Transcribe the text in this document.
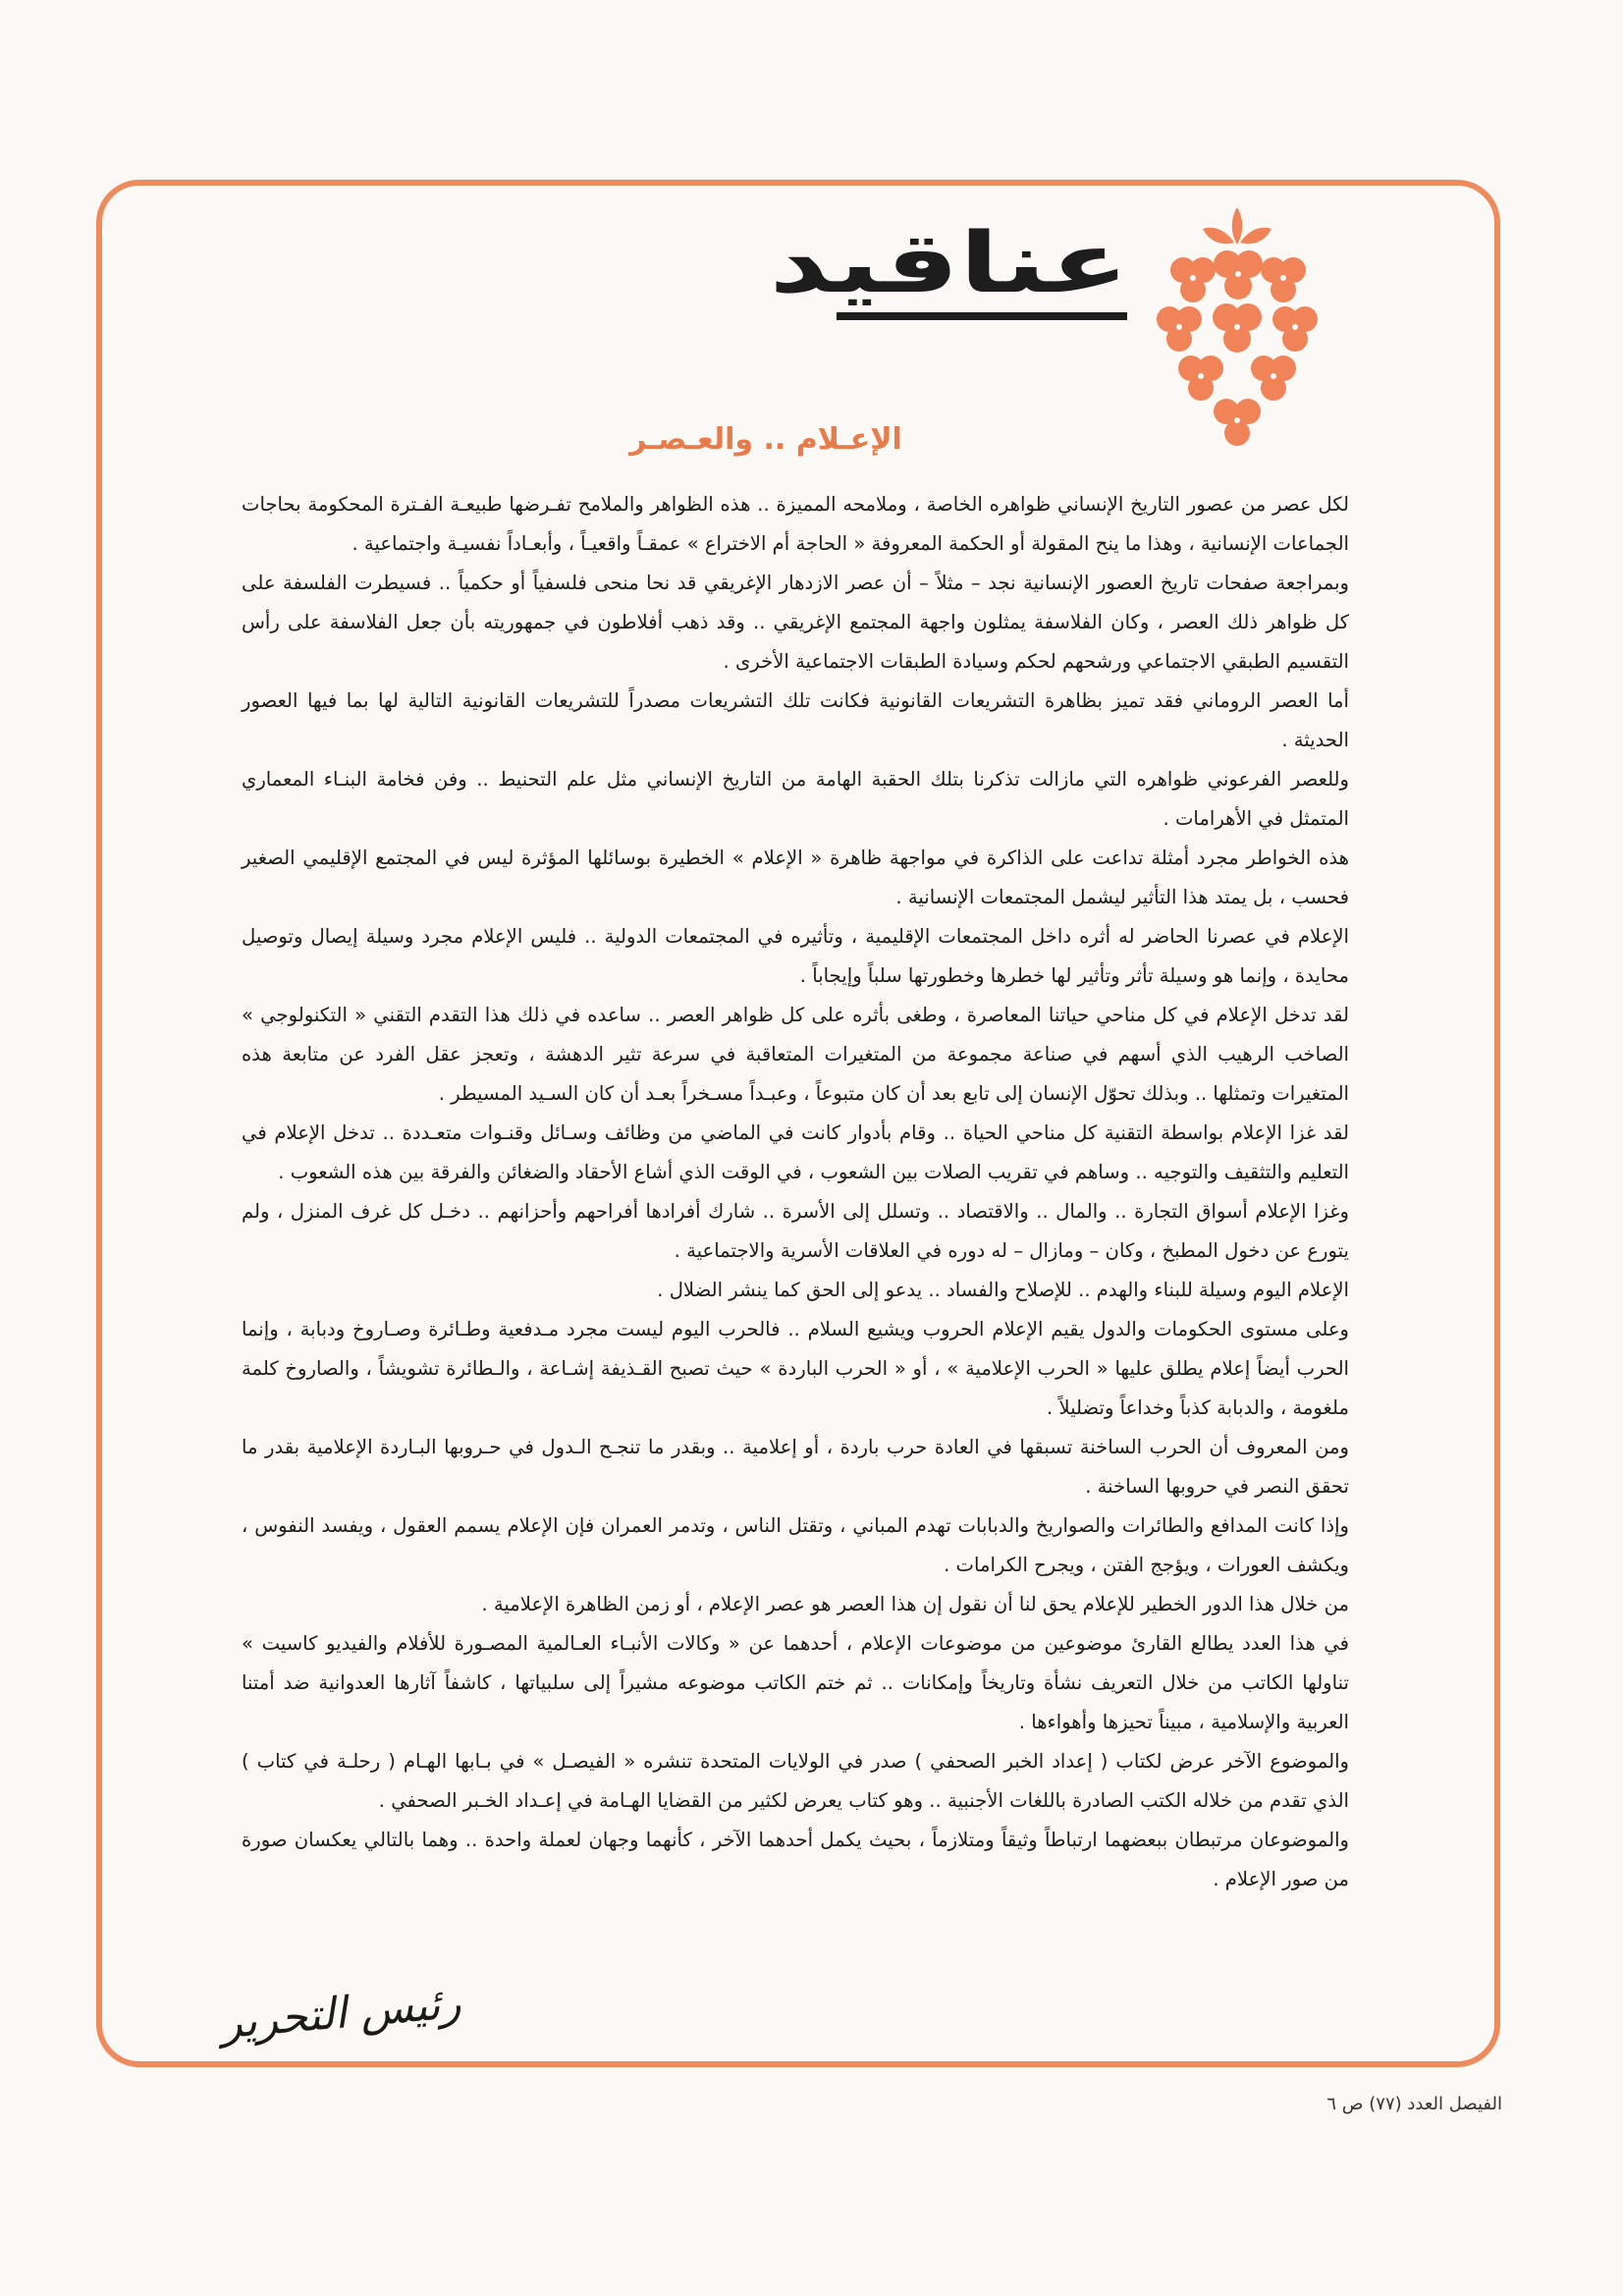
عناقيد
الإعـلام .. والعـصـر

لكل عصر من عصور التاريخ الإنساني ظواهره الخاصة ، وملامحه المميزة .. هذه الظواهر والملامح تفـرضها طبيعـة الفـترة المحكومة بحاجات الجماعات الإنسانية ، وهذا ما ينح المقولة أو الحكمة المعروفة « الحاجة أم الاختراع » عمقـاً واقعيـاً ، وأبعـاداً نفسيـة واجتماعية .

وبمراجعة صفحات تاريخ العصور الإنسانية نجد – مثلاً – أن عصر الازدهار الإغريقي قد نحا منحى فلسفياً أو حكمياً .. فسيطرت الفلسفة على كل ظواهر ذلك العصر ، وكان الفلاسفة يمثلون واجهة المجتمع الإغريقي .. وقد ذهب أفلاطون في جمهوريته بأن جعل الفلاسفة على رأس التقسيم الطبقي الاجتماعي ورشحهم لحكم وسيادة الطبقات الاجتماعية الأخرى .

أما العصر الروماني فقد تميز بظاهرة التشريعات القانونية فكانت تلك التشريعات مصدراً للتشريعات القانونية التالية لها بما فيها العصور الحديثة .

وللعصر الفرعوني ظواهره التي مازالت تذكرنا بتلك الحقبة الهامة من التاريخ الإنساني مثل علم التحنيط .. وفن فخامة البنـاء المعماري المتمثل في الأهرامات .

هذه الخواطر مجرد أمثلة تداعت على الذاكرة في مواجهة ظاهرة « الإعلام » الخطيرة بوسائلها المؤثرة ليس في المجتمع الإقليمي الصغير فحسب ، بل يمتد هذا التأثير ليشمل المجتمعات الإنسانية .

الإعلام في عصرنا الحاضر له أثره داخل المجتمعات الإقليمية ، وتأثيره في المجتمعات الدولية .. فليس الإعلام مجرد وسيلة إيصال وتوصيل محايدة ، وإنما هو وسيلة تأثر وتأثير لها خطرها وخطورتها سلباً وإيجاباً .

لقد تدخل الإعلام في كل مناحي حياتنا المعاصرة ، وطغى بأثره على كل ظواهر العصر .. ساعده في ذلك هذا التقدم التقني « التكنولوجي » الصاخب الرهيب الذي أسهم في صناعة مجموعة من المتغيرات المتعاقبة في سرعة تثير الدهشة ، وتعجز عقل الفرد عن متابعة هذه المتغيرات وتمثلها .. وبذلك تحوّل الإنسان إلى تابع بعد أن كان متبوعاً ، وعبـداً مسـخراً بعـد أن كان السـيد المسيطر .

لقد غزا الإعلام بواسطة التقنية كل مناحي الحياة .. وقام بأدوار كانت في الماضي من وظائف وسـائل وقنـوات متعـددة .. تدخل الإعلام في التعليم والتثقيف والتوجيه .. وساهم في تقريب الصلات بين الشعوب ، في الوقت الذي أشاع الأحقاد والضغائن والفرقة بين هذه الشعوب .

وغزا الإعلام أسواق التجارة .. والمال .. والاقتصاد .. وتسلل إلى الأسرة .. شارك أفرادها أفراحهم وأحزانهم .. دخـل كل غرف المنزل ، ولم يتورع عن دخول المطبخ ، وكان – ومازال – له دوره في العلاقات الأسرية والاجتماعية .

الإعلام اليوم وسيلة للبناء والهدم .. للإصلاح والفساد .. يدعو إلى الحق كما ينشر الضلال .

وعلى مستوى الحكومات والدول يقيم الإعلام الحروب ويشيع السلام .. فالحرب اليوم ليست مجرد مـدفعية وطـائرة وصـاروخ ودبابة ، وإنما الحرب أيضاً إعلام يطلق عليها « الحرب الإعلامية » ، أو « الحرب الباردة » حيث تصبح القـذيفة إشـاعة ، والـطائرة تشويشاً ، والصاروخ كلمة ملغومة ، والدبابة كذباً وخداعاً وتضليلاً .

ومن المعروف أن الحرب الساخنة تسبقها في العادة حرب باردة ، أو إعلامية .. وبقدر ما تنجـح الـدول في حـروبها البـاردة الإعلامية بقدر ما تحقق النصر في حروبها الساخنة .

وإذا كانت المدافع والطائرات والصواريخ والدبابات تهدم المباني ، وتقتل الناس ، وتدمر العمران فإن الإعلام يسمم العقول ، ويفسد النفوس ، ويكشف العورات ، ويؤجج الفتن ، ويجرح الكرامات .

من خلال هذا الدور الخطير للإعلام يحق لنا أن نقول إن هذا العصر هو عصر الإعلام ، أو زمن الظاهرة الإعلامية .

في هذا العدد يطالع القارئ موضوعين من موضوعات الإعلام ، أحدهما عن « وكالات الأنبـاء العـالمية المصـورة للأفلام والفيديو كاسيت » تناولها الكاتب من خلال التعريف نشأة وتاريخاً وإمكانات .. ثم ختم الكاتب موضوعه مشيراً إلى سلبياتها ، كاشفاً آثارها العدوانية ضد أمتنا العربية والإسلامية ، مبيناً تحيزها وأهواءها .

والموضوع الآخر عرض لكتاب ( إعداد الخبر الصحفي ) صدر في الولايات المتحدة تنشره « الفيصـل » في بـابها الهـام ( رحلـة في كتاب ) الذي تقدم من خلاله الكتب الصادرة باللغات الأجنبية .. وهو كتاب يعرض لكثير من القضايا الهـامة في إعـداد الخـبر الصحفي .

والموضوعان مرتبطان ببعضهما ارتباطاً وثيقاً ومتلازماً ، بحيث يكمل أحدهما الآخر ، كأنهما وجهان لعملة واحدة .. وهما بالتالي يعكسان صورة من صور الإعلام .

رئيس التحرير
الفيصل العدد (٧٧) ص ٦
